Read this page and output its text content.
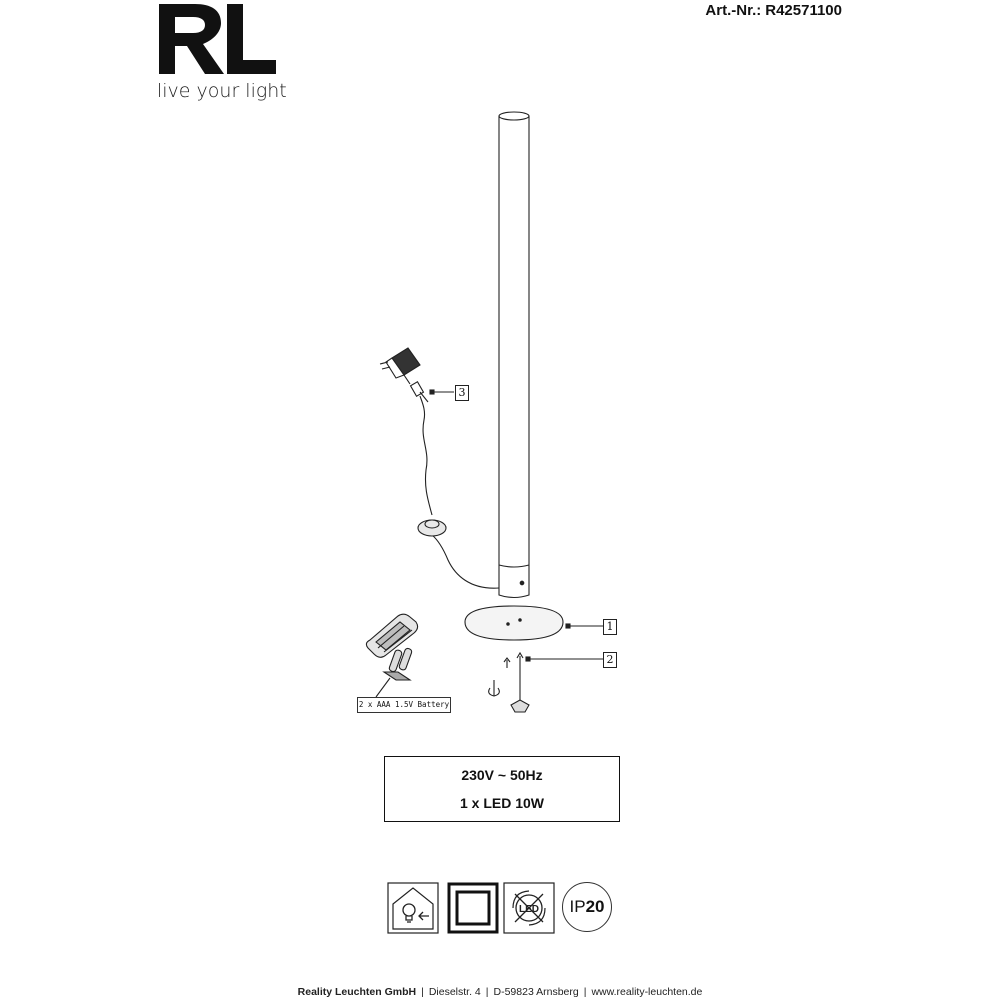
live your light
Art.-Nr.: R42571100
3
1
2
2 x AAA 1.5V Battery
230V ~ 50Hz
1 x LED 10W
LED IP 20
Reality Leuchten GmbH | Dieselstr. 4 | D-59823 Arnsberg | www.reality-leuchten.de
